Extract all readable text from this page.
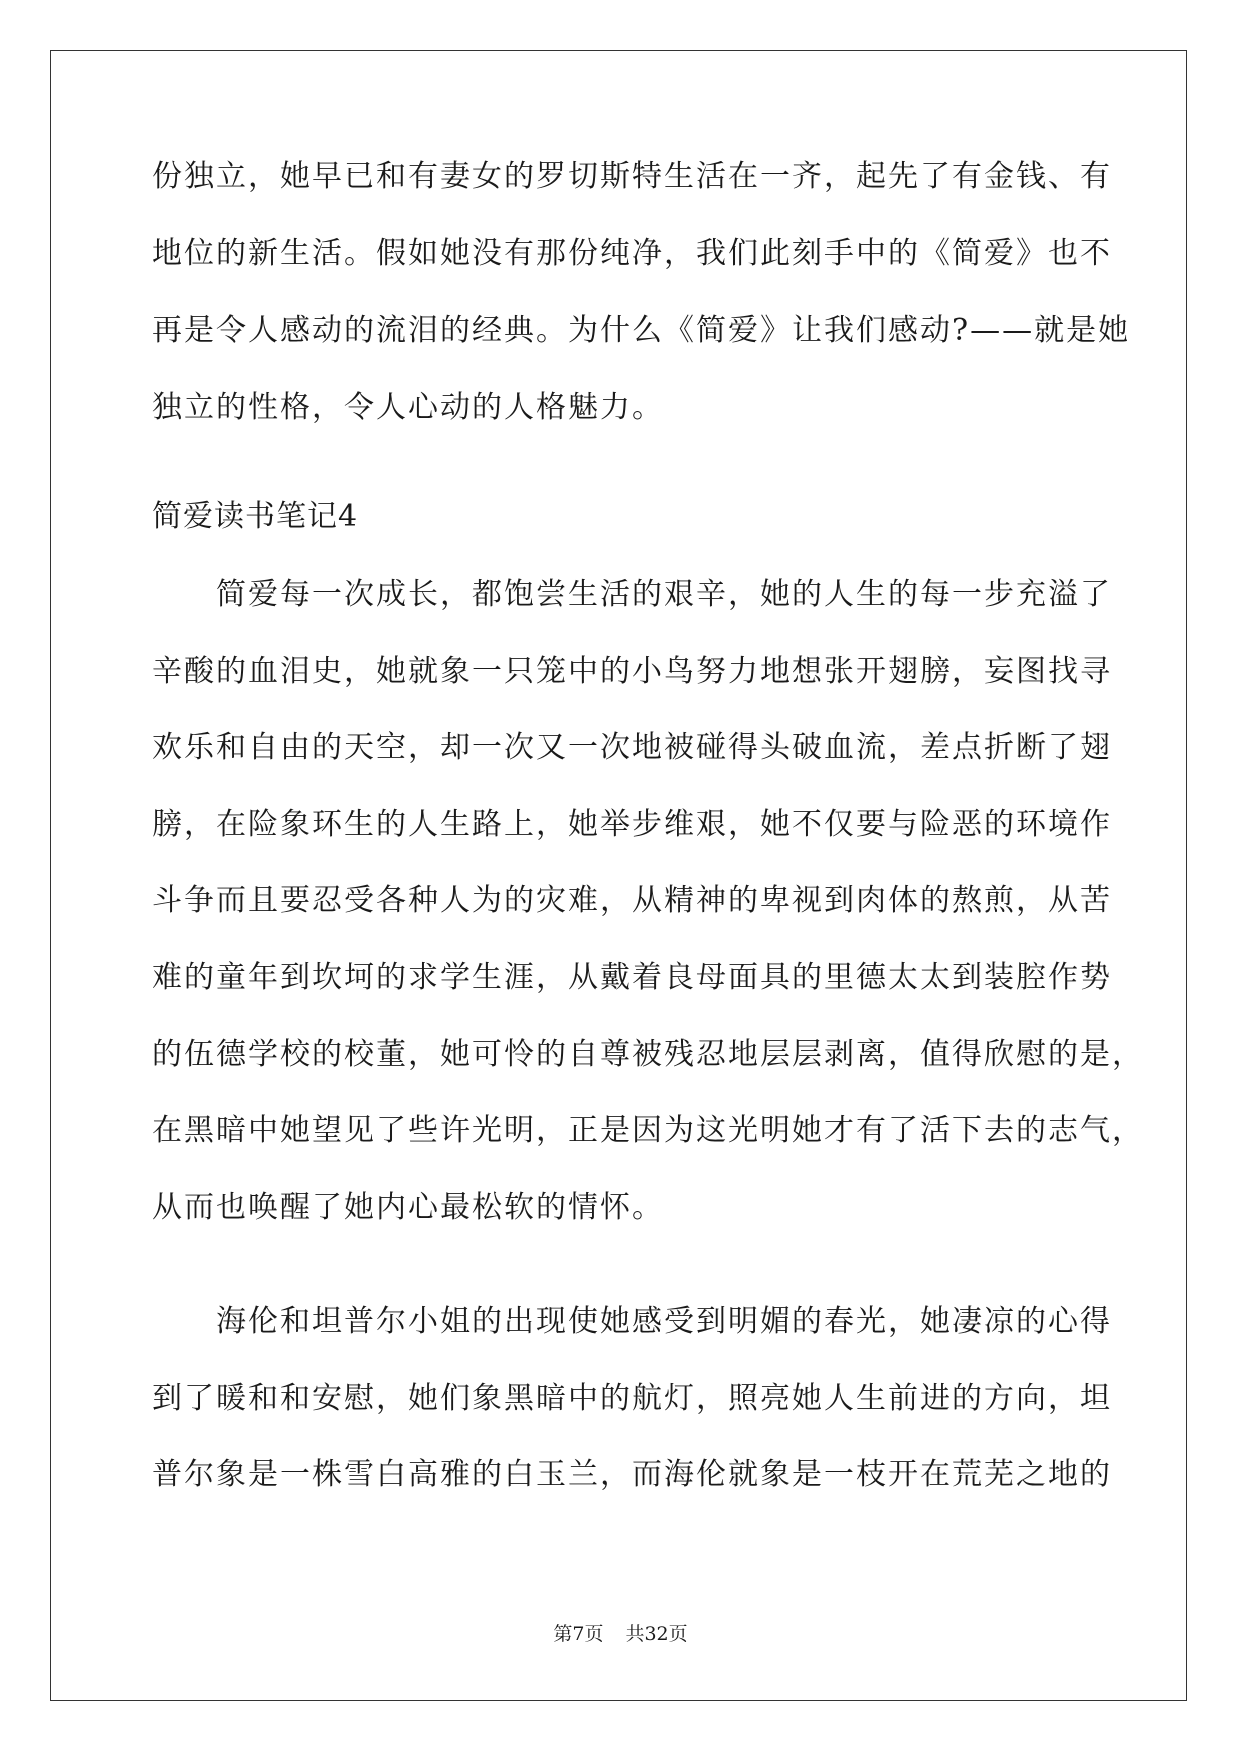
份独立，她早已和有妻女的罗切斯特生活在一齐，起先了有金钱、有

地位的新生活。假如她没有那份纯净，我们此刻手中的《简爱》也不

再是令人感动的流泪的经典。为什么《简爱》让我们感动?——就是她

独立的性格，令人心动的人格魅力。

简爱读书笔记4

简爱每一次成长，都饱尝生活的艰辛，她的人生的每一步充溢了

辛酸的血泪史，她就象一只笼中的小鸟努力地想张开翅膀，妄图找寻

欢乐和自由的天空，却一次又一次地被碰得头破血流，差点折断了翅

膀，在险象环生的人生路上，她举步维艰，她不仅要与险恶的环境作

斗争而且要忍受各种人为的灾难，从精神的卑视到肉体的熬煎，从苦

难的童年到坎坷的求学生涯，从戴着良母面具的里德太太到装腔作势

的伍德学校的校董，她可怜的自尊被残忍地层层剥离，值得欣慰的是，

在黑暗中她望见了些许光明，正是因为这光明她才有了活下去的志气，

从而也唤醒了她内心最松软的情怀。

海伦和坦普尔小姐的出现使她感受到明媚的春光，她凄凉的心得

到了暖和和安慰，她们象黑暗中的航灯，照亮她人生前进的方向，坦

普尔象是一株雪白高雅的白玉兰，而海伦就象是一枝开在荒芜之地的

第7页 共32页
